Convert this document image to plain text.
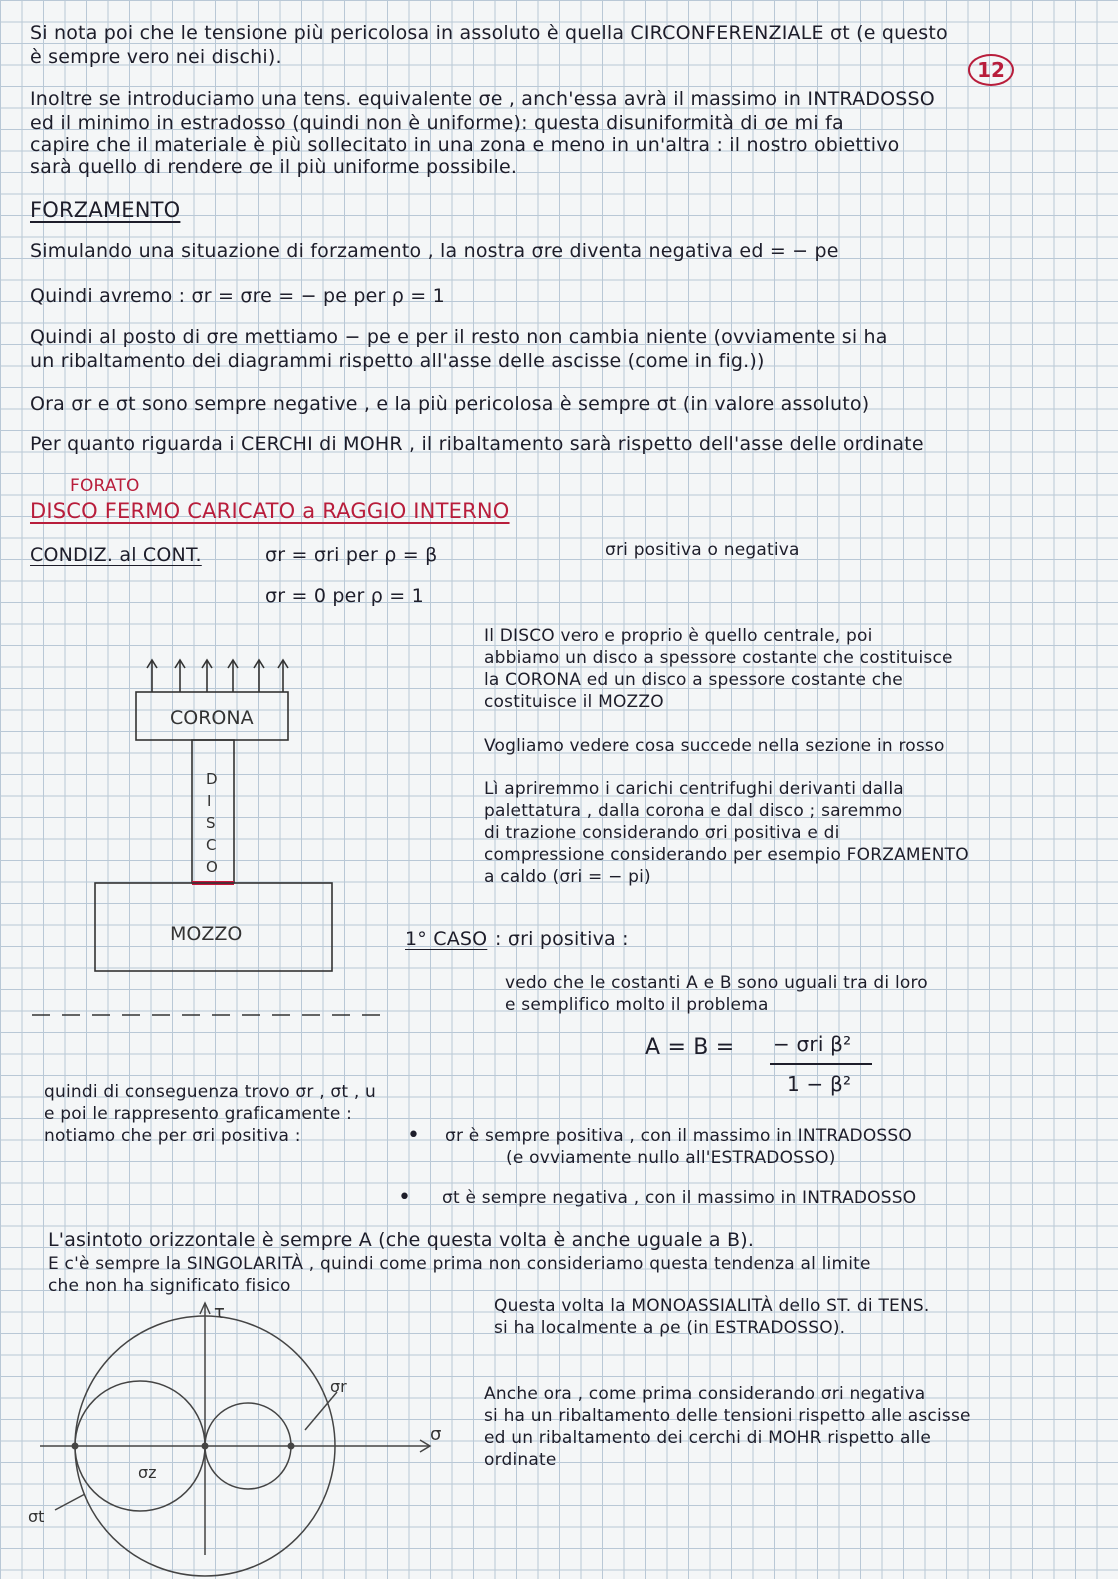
12
Si nota poi che le tensione più pericolosa in assoluto è quella CIRCONFERENZIALE σt (e questo
è sempre vero nei dischi).
Inoltre se introduciamo una tens. equivalente σe , anch'essa avrà il massimo in INTRADOSSO
ed il minimo in estradosso (quindi non è uniforme): questa disuniformità di σe mi fa
capire che il materiale è più sollecitato in una zona e meno in un'altra : il nostro obiettivo
sarà quello di rendere σe il più uniforme possibile.
FORZAMENTO
Simulando una situazione di forzamento , la nostra σre diventa negativa ed = − pe
Quindi avremo : σr = σre = − pe per ρ = 1
Quindi al posto di σre mettiamo − pe e per il resto non cambia niente (ovviamente si ha
un ribaltamento dei diagrammi rispetto all'asse delle ascisse (come in fig.))
Ora σr e σt sono sempre negative , e la più pericolosa è sempre σt (in valore assoluto)
Per quanto riguarda i CERCHI di MOHR , il ribaltamento sarà rispetto dell'asse delle ordinate
FORATO
DISCO FERMO CARICATO a RAGGIO INTERNO
CONDIZ. al CONT.	σr = σri per ρ = β	σri positiva o negativa
σr = 0 per ρ = 1
Il DISCO vero e proprio è quello centrale, poi
abbiamo un disco a spessore costante che costituisce
la CORONA ed un disco a spessore costante che
costituisce il MOZZO
Vogliamo vedere cosa succede nella sezione in rosso
Lì apriremmo i carichi centrifughi derivanti dalla
palettatura , dalla corona e dal disco ; saremmo
di trazione considerando σri positiva e di
compressione considerando per esempio FORZAMENTO
a caldo (σri = − pi)
1° CASO : σri positiva :
vedo che le costanti A e B sono uguali tra di loro
e semplifico molto il problema
A = B = − σri β²
1 − β²
quindi di conseguenza trovo σr , σt , u
e poi le rappresento graficamente :
notiamo che per σri positiva :	• σr è sempre positiva , con il massimo in INTRADOSSO
(e ovviamente nullo all'ESTRADOSSO)
• σt è sempre negativa , con il massimo in INTRADOSSO
L'asintoto orizzontale è sempre A (che questa volta è anche uguale a B).
E c'è sempre la SINGOLARITÀ , quindi come prima non consideriamo questa tendenza al limite
che non ha significato fisico
Questa volta la MONOASSIALITÀ dello ST. di TENS.
si ha localmente a ρe (in ESTRADOSSO).
Anche ora , come prima considerando σri negativa
si ha un ribaltamento delle tensioni rispetto alle ascisse
ed un ribaltamento dei cerchi di MOHR rispetto alle
ordinate
CORONA
D
I
S
C
O
MOZZO
τ
σ
σr
σz
σt
